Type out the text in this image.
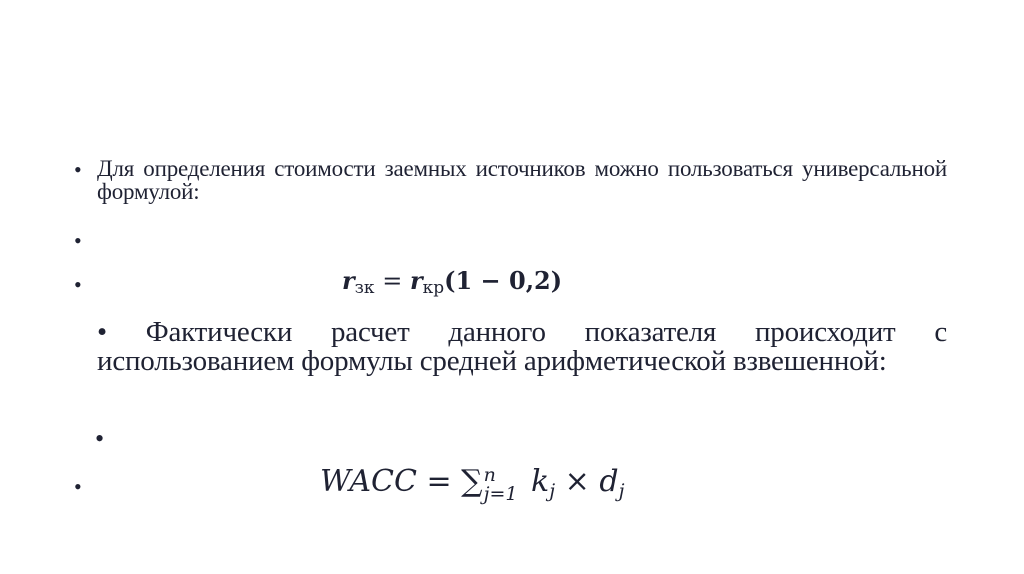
• Для определения стоимости заемных источников можно пользоваться универсальной формулой:
•
•	$r_{зк} = r_{кр}(1 - 0,2)$
• Фактически расчет данного показателя происходит с использованием формулы средней арифметической взвешенной:
•
•	WACC = ∑ n
j=1 $k_j \times d_j$
